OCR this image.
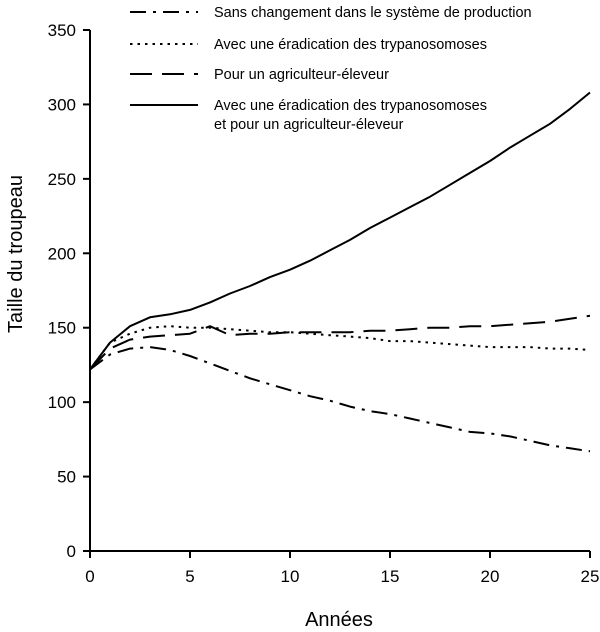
Sans changement dans le système de production
Avec une éradication des trypanosomoses
Pour un agriculteur-éleveur
Avec une éradication des trypanosomoses
et pour un agriculteur-éleveur
0
50
100
150
200
250
300
350
0	5	10	15	20	25
Années
Taille du troupeau
